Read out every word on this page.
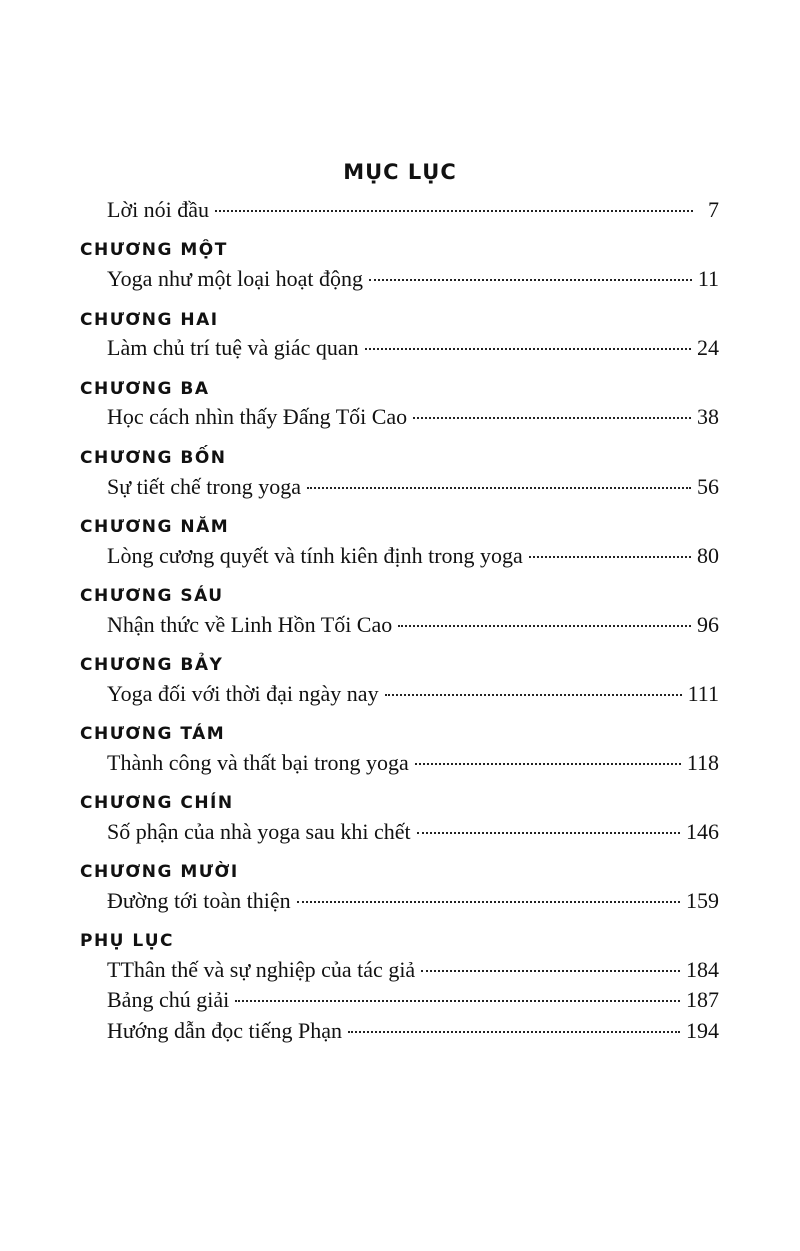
MỤC LỤC
Lời nói đầu	7
CHƯƠNG MỘT
Yoga như một loại hoạt động	11
CHƯƠNG HAI
Làm chủ trí tuệ và giác quan	24
CHƯƠNG BA
Học cách nhìn thấy Đấng Tối Cao	38
CHƯƠNG BỐN
Sự tiết chế trong yoga	56
CHƯƠNG NĂM
Lòng cương quyết và tính kiên định trong yoga	80
CHƯƠNG SÁU
Nhận thức về Linh Hồn Tối Cao	96
CHƯƠNG BẢY
Yoga đối với thời đại ngày nay	111
CHƯƠNG TÁM
Thành công và thất bại trong yoga	118
CHƯƠNG CHÍN
Số phận của nhà yoga sau khi chết	146
CHƯƠNG MƯỜI
Đường tới toàn thiện	159
PHỤ LỤC
TThân thế và sự nghiệp của tác giả	184
Bảng chú giải	187
Hướng dẫn đọc tiếng Phạn	194
